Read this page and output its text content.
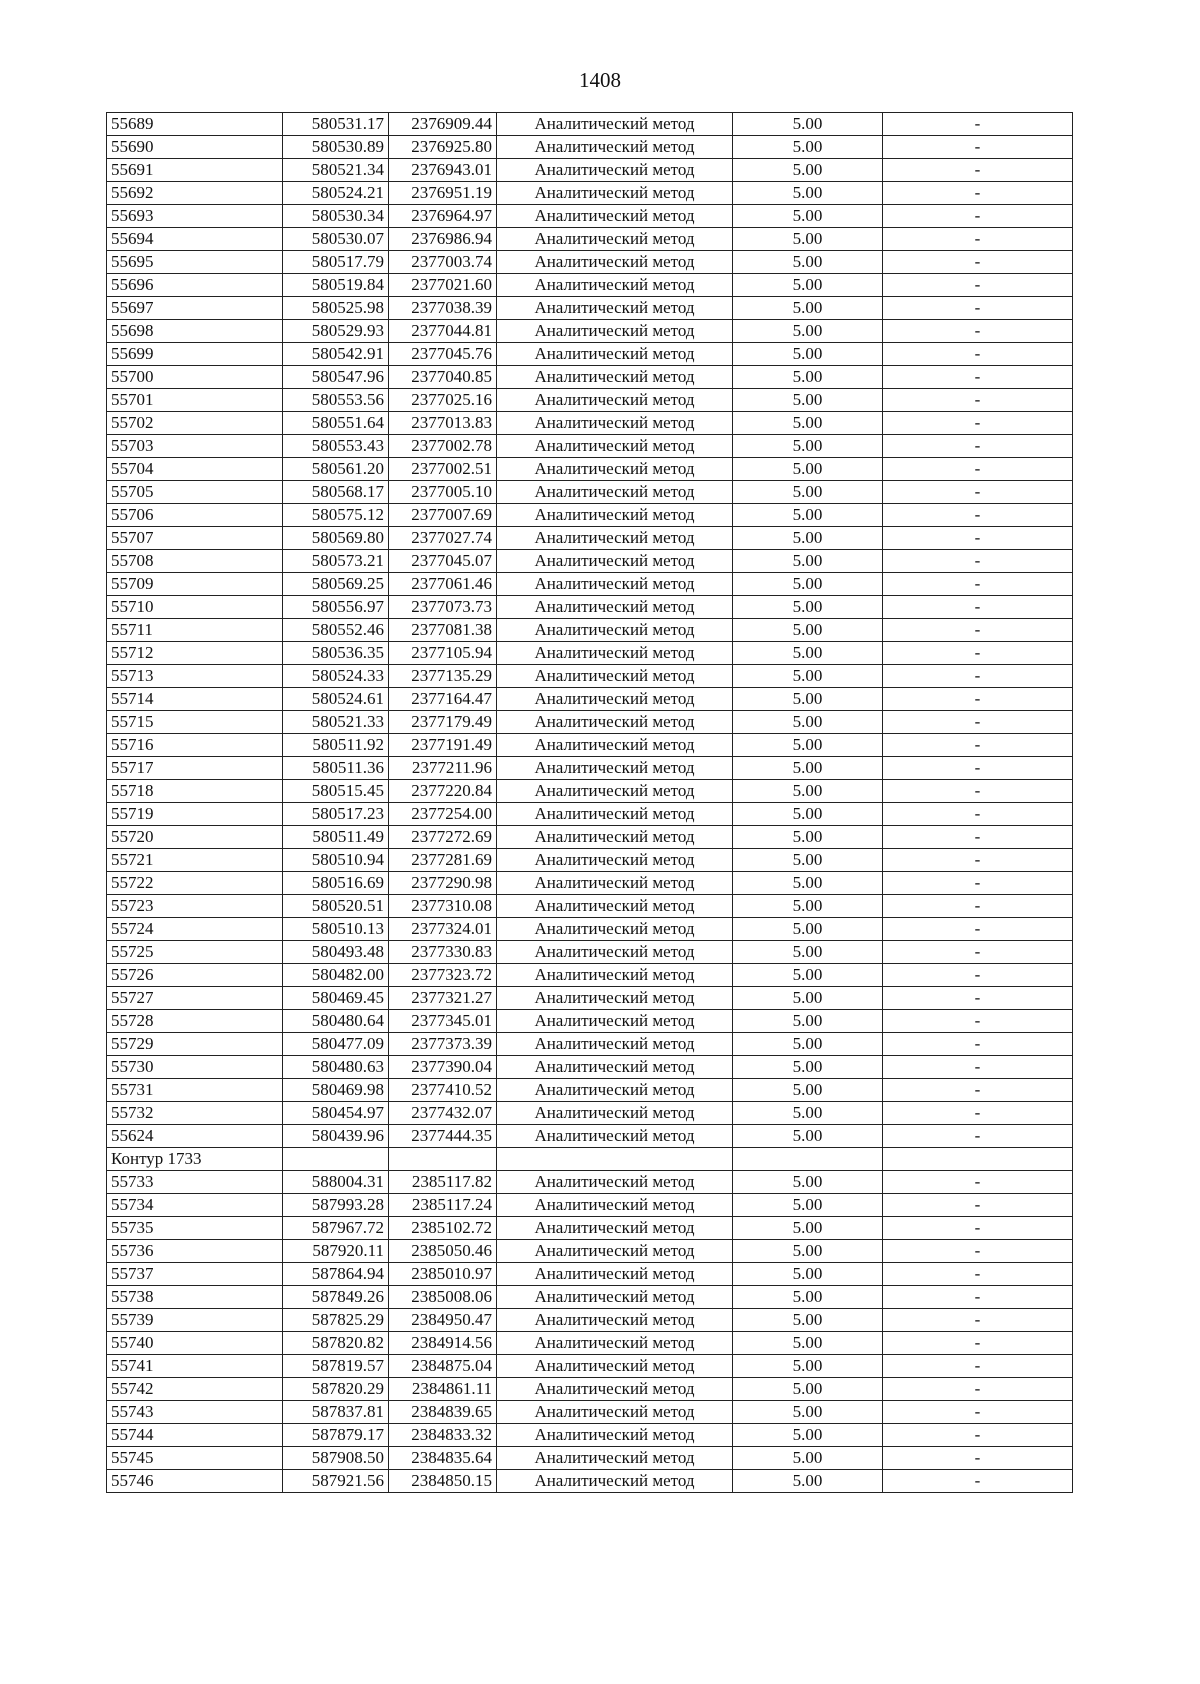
1408
55689	580531.17	2376909.44	Аналитический метод	5.00	-
55690	580530.89	2376925.80	Аналитический метод	5.00	-
55691	580521.34	2376943.01	Аналитический метод	5.00	-
55692	580524.21	2376951.19	Аналитический метод	5.00	-
55693	580530.34	2376964.97	Аналитический метод	5.00	-
55694	580530.07	2376986.94	Аналитический метод	5.00	-
55695	580517.79	2377003.74	Аналитический метод	5.00	-
55696	580519.84	2377021.60	Аналитический метод	5.00	-
55697	580525.98	2377038.39	Аналитический метод	5.00	-
55698	580529.93	2377044.81	Аналитический метод	5.00	-
55699	580542.91	2377045.76	Аналитический метод	5.00	-
55700	580547.96	2377040.85	Аналитический метод	5.00	-
55701	580553.56	2377025.16	Аналитический метод	5.00	-
55702	580551.64	2377013.83	Аналитический метод	5.00	-
55703	580553.43	2377002.78	Аналитический метод	5.00	-
55704	580561.20	2377002.51	Аналитический метод	5.00	-
55705	580568.17	2377005.10	Аналитический метод	5.00	-
55706	580575.12	2377007.69	Аналитический метод	5.00	-
55707	580569.80	2377027.74	Аналитический метод	5.00	-
55708	580573.21	2377045.07	Аналитический метод	5.00	-
55709	580569.25	2377061.46	Аналитический метод	5.00	-
55710	580556.97	2377073.73	Аналитический метод	5.00	-
55711	580552.46	2377081.38	Аналитический метод	5.00	-
55712	580536.35	2377105.94	Аналитический метод	5.00	-
55713	580524.33	2377135.29	Аналитический метод	5.00	-
55714	580524.61	2377164.47	Аналитический метод	5.00	-
55715	580521.33	2377179.49	Аналитический метод	5.00	-
55716	580511.92	2377191.49	Аналитический метод	5.00	-
55717	580511.36	2377211.96	Аналитический метод	5.00	-
55718	580515.45	2377220.84	Аналитический метод	5.00	-
55719	580517.23	2377254.00	Аналитический метод	5.00	-
55720	580511.49	2377272.69	Аналитический метод	5.00	-
55721	580510.94	2377281.69	Аналитический метод	5.00	-
55722	580516.69	2377290.98	Аналитический метод	5.00	-
55723	580520.51	2377310.08	Аналитический метод	5.00	-
55724	580510.13	2377324.01	Аналитический метод	5.00	-
55725	580493.48	2377330.83	Аналитический метод	5.00	-
55726	580482.00	2377323.72	Аналитический метод	5.00	-
55727	580469.45	2377321.27	Аналитический метод	5.00	-
55728	580480.64	2377345.01	Аналитический метод	5.00	-
55729	580477.09	2377373.39	Аналитический метод	5.00	-
55730	580480.63	2377390.04	Аналитический метод	5.00	-
55731	580469.98	2377410.52	Аналитический метод	5.00	-
55732	580454.97	2377432.07	Аналитический метод	5.00	-
55624	580439.96	2377444.35	Аналитический метод	5.00	-
Контур 1733					
55733	588004.31	2385117.82	Аналитический метод	5.00	-
55734	587993.28	2385117.24	Аналитический метод	5.00	-
55735	587967.72	2385102.72	Аналитический метод	5.00	-
55736	587920.11	2385050.46	Аналитический метод	5.00	-
55737	587864.94	2385010.97	Аналитический метод	5.00	-
55738	587849.26	2385008.06	Аналитический метод	5.00	-
55739	587825.29	2384950.47	Аналитический метод	5.00	-
55740	587820.82	2384914.56	Аналитический метод	5.00	-
55741	587819.57	2384875.04	Аналитический метод	5.00	-
55742	587820.29	2384861.11	Аналитический метод	5.00	-
55743	587837.81	2384839.65	Аналитический метод	5.00	-
55744	587879.17	2384833.32	Аналитический метод	5.00	-
55745	587908.50	2384835.64	Аналитический метод	5.00	-
55746	587921.56	2384850.15	Аналитический метод	5.00	-
